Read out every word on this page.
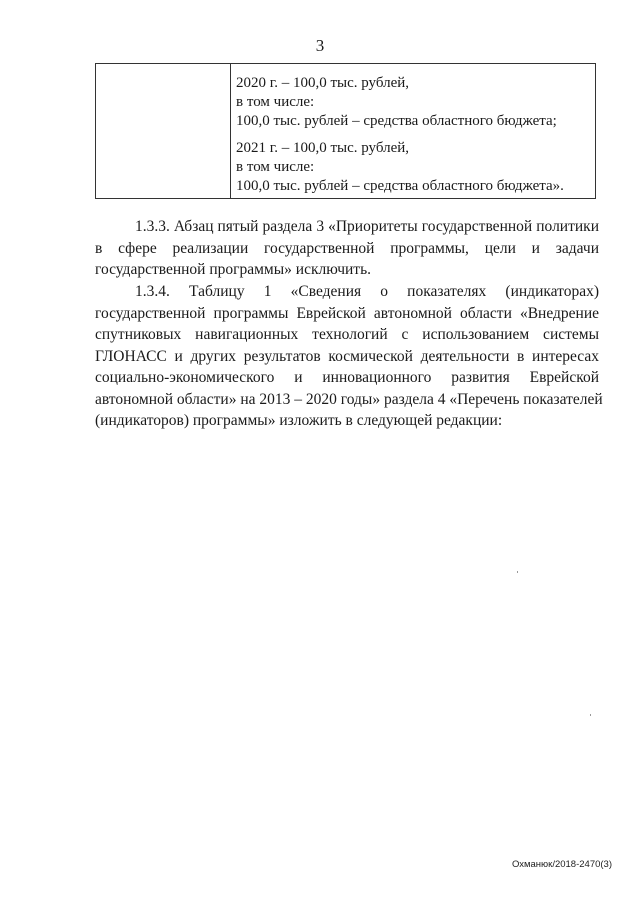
3
2020 г. – 100,0 тыс. рублей,
в том числе:
100,0 тыс. рублей – средства областного бюджета;
2021 г. – 100,0 тыс. рублей,
в том числе:
100,0 тыс. рублей – средства областного бюджета».
1.3.3. Абзац пятый раздела 3 «Приоритеты государственной политики
в сфере реализации государственной программы, цели и задачи
государственной программы» исключить.
1.3.4. Таблицу 1 «Сведения о показателях (индикаторах)
государственной программы Еврейской автономной области «Внедрение
спутниковых навигационных технологий с использованием системы
ГЛОНАСС и других результатов космической деятельности в интересах
социально-экономического и инновационного развития Еврейской
автономной области» на 2013 – 2020 годы» раздела 4 «Перечень показателей
(индикаторов) программы» изложить в следующей редакции:
Охманюк/2018-2470(3)
